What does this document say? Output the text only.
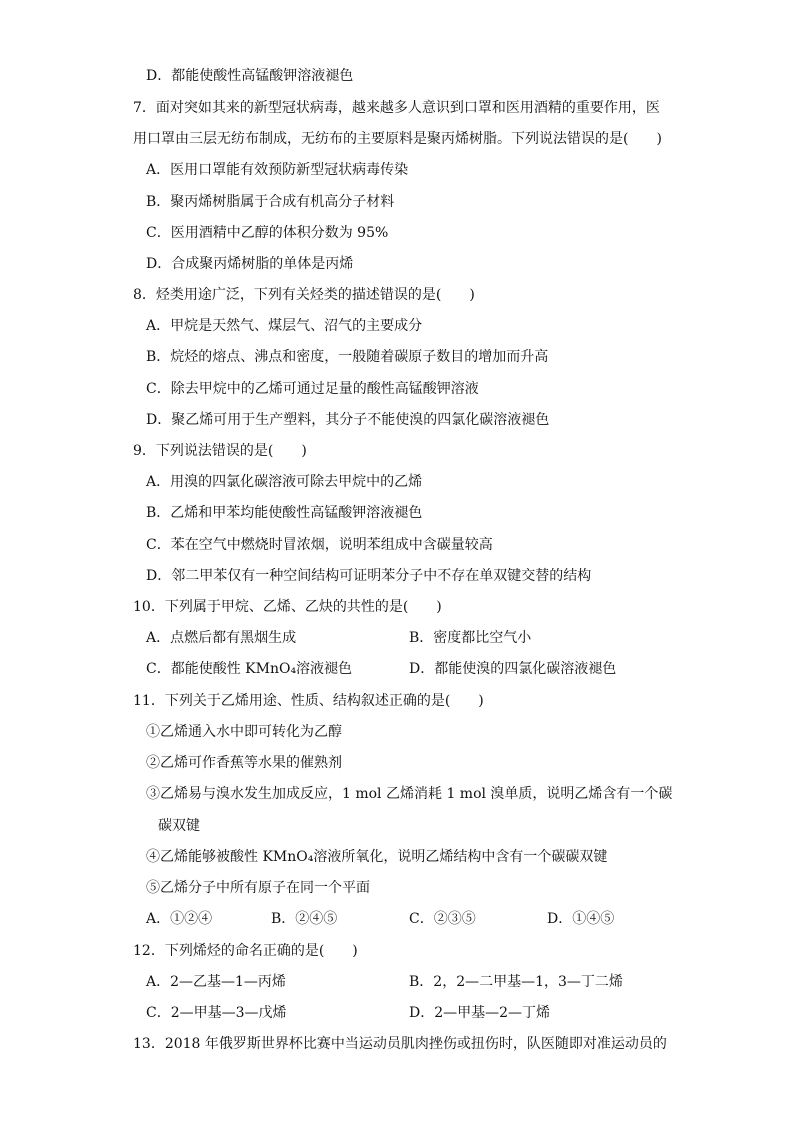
D．都能使酸性高锰酸钾溶液褪色
7．面对突如其来的新型冠状病毒，越来越多人意识到口罩和医用酒精的重要作用，医
用口罩由三层无纺布制成，无纺布的主要原料是聚丙烯树脂。下列说法错误的是(　　)
A．医用口罩能有效预防新型冠状病毒传染
B．聚丙烯树脂属于合成有机高分子材料
C．医用酒精中乙醇的体积分数为 95%
D．合成聚丙烯树脂的单体是丙烯
8．烃类用途广泛，下列有关烃类的描述错误的是(　　)
A．甲烷是天然气、煤层气、沼气的主要成分
B．烷烃的熔点、沸点和密度，一般随着碳原子数目的增加而升高
C．除去甲烷中的乙烯可通过足量的酸性高锰酸钾溶液
D．聚乙烯可用于生产塑料，其分子不能使溴的四氯化碳溶液褪色
9．下列说法错误的是(　　)
A．用溴的四氯化碳溶液可除去甲烷中的乙烯
B．乙烯和甲苯均能使酸性高锰酸钾溶液褪色
C．苯在空气中燃烧时冒浓烟，说明苯组成中含碳量较高
D．邻二甲苯仅有一种空间结构可证明苯分子中不存在单双键交替的结构
10．下列属于甲烷、乙烯、乙炔的共性的是(　　)
A．点燃后都有黑烟生成	B．密度都比空气小
C．都能使酸性 KMnO₄溶液褪色	D．都能使溴的四氯化碳溶液褪色
11．下列关于乙烯用途、性质、结构叙述正确的是(　　)
①乙烯通入水中即可转化为乙醇
②乙烯可作香蕉等水果的催熟剂
③乙烯易与溴水发生加成反应，1 mol 乙烯消耗 1 mol 溴单质，说明乙烯含有一个碳
碳双键
④乙烯能够被酸性 KMnO₄溶液所氧化，说明乙烯结构中含有一个碳碳双键
⑤乙烯分子中所有原子在同一个平面
A．①②④	B．②④⑤	C．②③⑤	D．①④⑤
12．下列烯烃的命名正确的是(　　)
A．2—乙基—1—丙烯	B．2，2—二甲基—1，3—丁二烯
C．2—甲基—3—戊烯	D．2—甲基—2—丁烯
13．2018 年俄罗斯世界杯比赛中当运动员肌肉挫伤或扭伤时，队医随即对准运动员的
